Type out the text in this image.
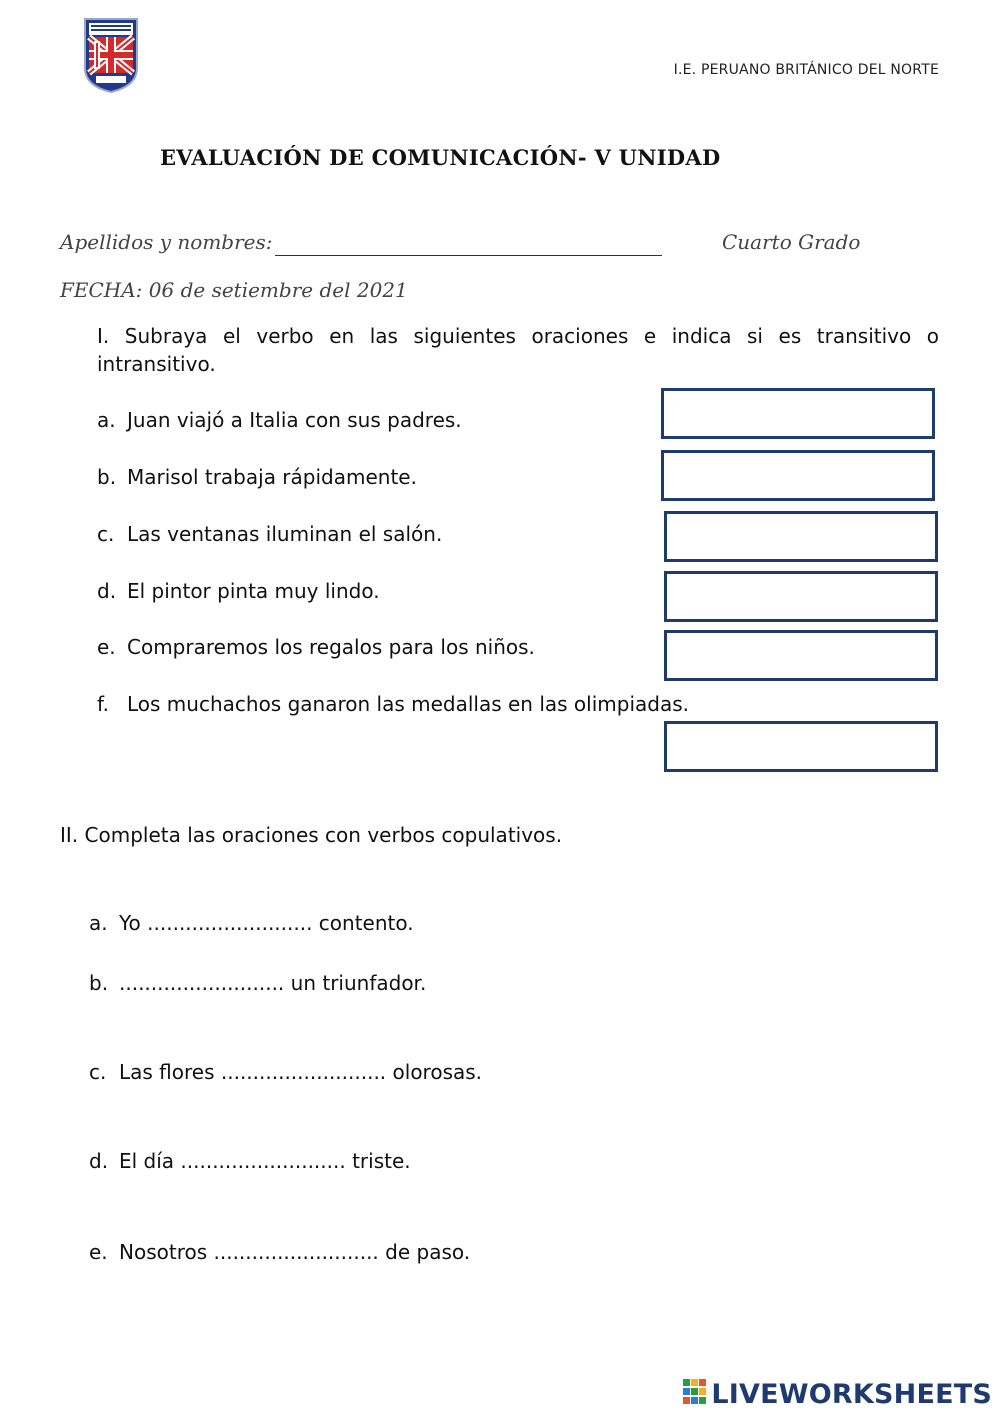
I.E. PERUANO BRITÁNICO DEL NORTE
EVALUACIÓN DE COMUNICACIÓN- V UNIDAD
Apellidos y nombres:	Cuarto Grado
FECHA: 06 de setiembre del 2021
I. Subraya el verbo en las siguientes oraciones e indica si es transitivo o intransitivo.
a. Juan viajó a Italia con sus padres.
b. Marisol trabaja rápidamente.
c. Las ventanas iluminan el salón.
d. El pintor pinta muy lindo.
e. Compraremos los regalos para los niños.
f. Los muchachos ganaron las medallas en las olimpiadas.
II. Completa las oraciones con verbos copulativos.
a. Yo .......................... contento.
b. .......................... un triunfador.
c. Las flores .......................... olorosas.
d. El día .......................... triste.
e. Nosotros .......................... de paso.
LIVEWORKSHEETS
